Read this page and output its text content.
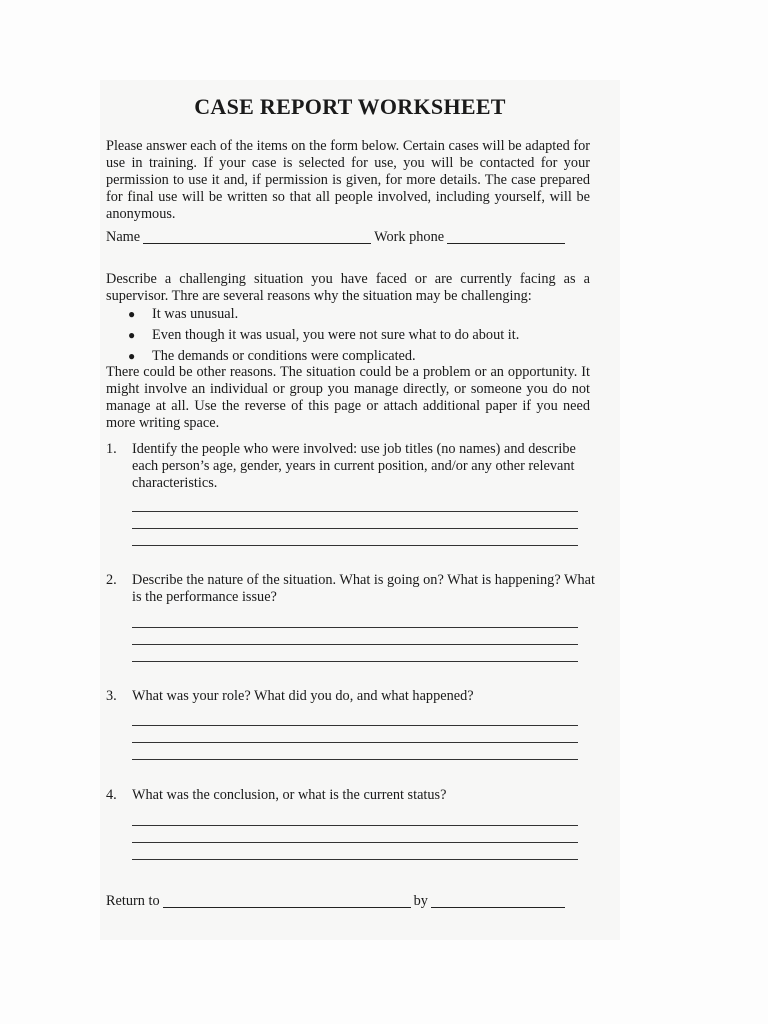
CASE REPORT WORKSHEET
Please answer each of the items on the form below. Certain cases will be adapted for use in training. If your case is selected for use, you will be contacted for your permission to use it and, if permission is given, for more details. The case prepared for final use will be written so that all people involved, including yourself, will be anonymous.
Name	Work phone
Describe a challenging situation you have faced or are currently facing as a supervisor. Thre are several reasons why the situation may be challenging:
●	It was unusual.
●	Even though it was usual, you were not sure what to do about it.
●	The demands or conditions were complicated.
There could be other reasons. The situation could be a problem or an opportunity. It might involve an individual or group you manage directly, or someone you do not manage at all. Use the reverse of this page or attach additional paper if you need more writing space.
1.	Identify the people who were involved: use job titles (no names) and describe each person’s age, gender, years in current position, and/or any other relevant characteristics.
2.	Describe the nature of the situation. What is going on? What is happening? What is the performance issue?
3.	What was your role? What did you do, and what happened?
4.	What was the conclusion, or what is the current status?
Return to	by
